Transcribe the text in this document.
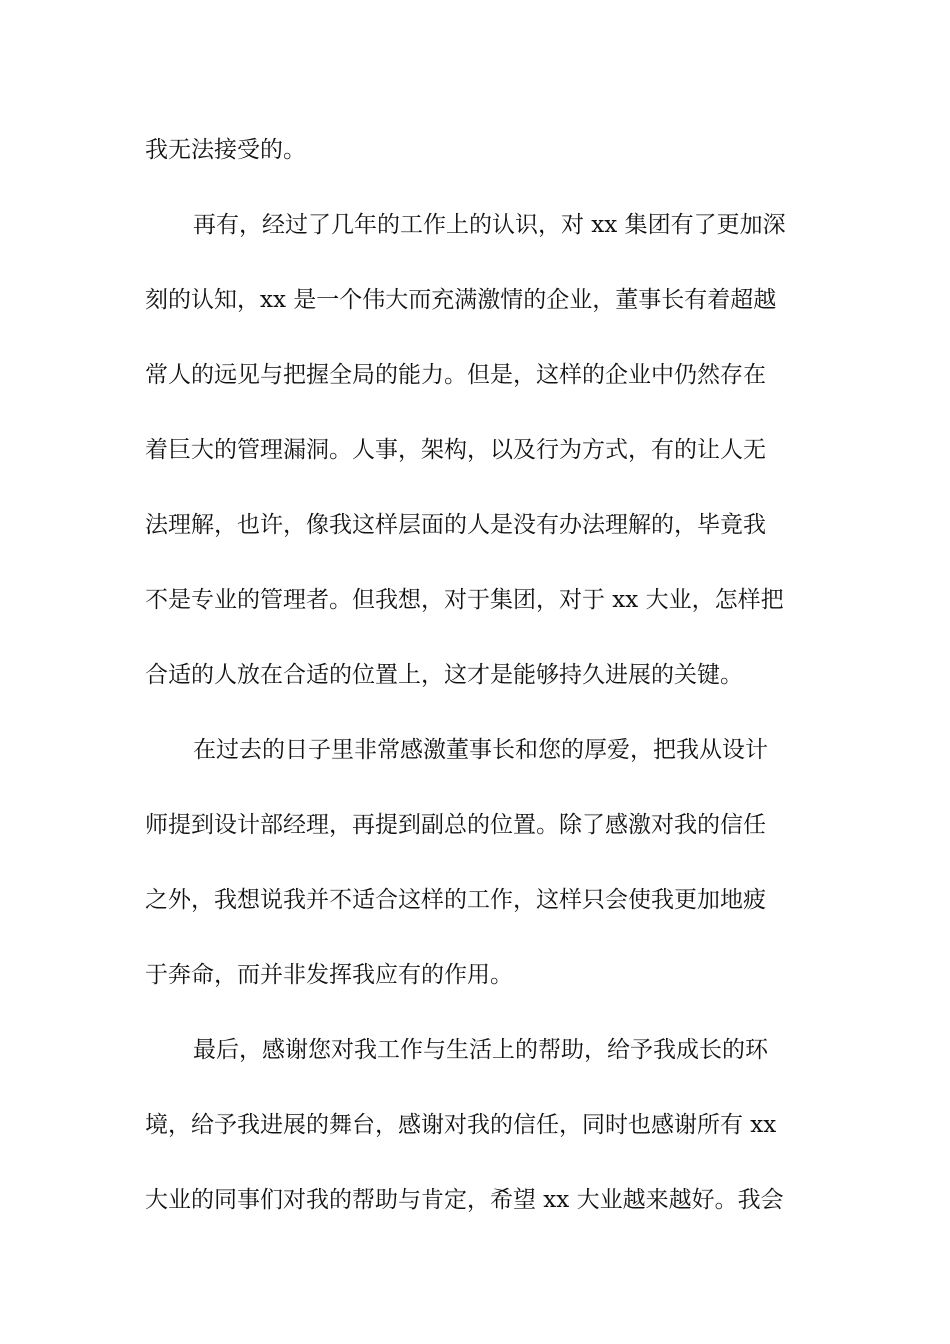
我无法接受的。
再有，经过了几年的工作上的认识，对 xx 集团有了更加深
刻的认知，xx 是一个伟大而充满激情的企业，董事长有着超越
常人的远见与把握全局的能力。但是，这样的企业中仍然存在
着巨大的管理漏洞。人事，架构，以及行为方式，有的让人无
法理解，也许，像我这样层面的人是没有办法理解的，毕竟我
不是专业的管理者。但我想，对于集团，对于 xx 大业，怎样把
合适的人放在合适的位置上，这才是能够持久进展的关键。
在过去的日子里非常感激董事长和您的厚爱，把我从设计
师提到设计部经理，再提到副总的位置。除了感激对我的信任
之外，我想说我并不适合这样的工作，这样只会使我更加地疲
于奔命，而并非发挥我应有的作用。
最后，感谢您对我工作与生活上的帮助，给予我成长的环
境，给予我进展的舞台，感谢对我的信任，同时也感谢所有 xx
大业的同事们对我的帮助与肯定，希望 xx 大业越来越好。我会
